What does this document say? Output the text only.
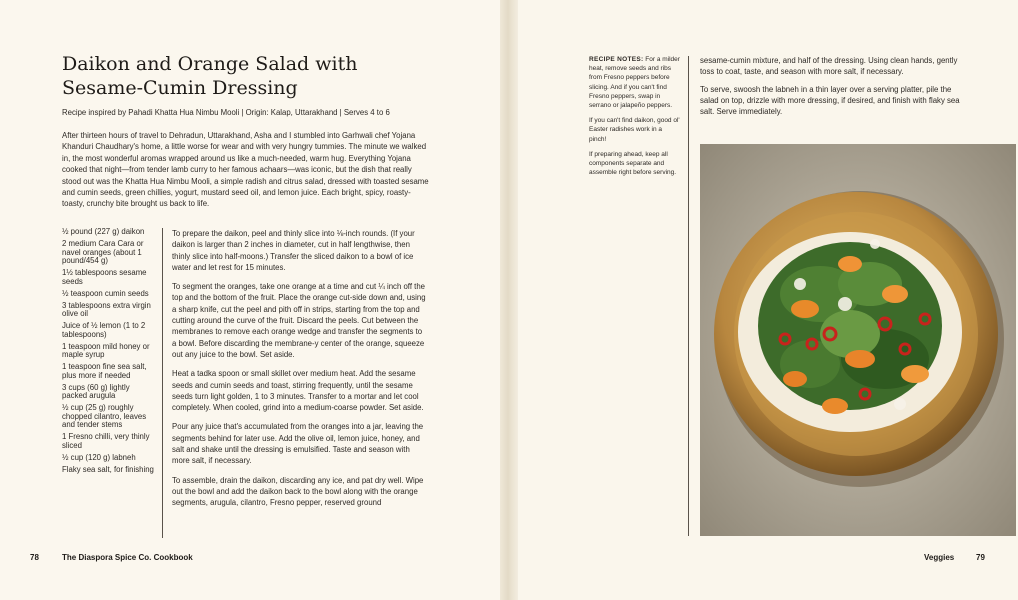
Daikon and Orange Salad with Sesame-Cumin Dressing
Recipe inspired by Pahadi Khatta Hua Nimbu Mooli | Origin: Kalap, Uttarakhand | Serves 4 to 6

After thirteen hours of travel to Dehradun, Uttarakhand, Asha and I stumbled into Garhwali chef Yojana Khanduri Chaudhary's home, a little worse for wear and with very hungry tummies. The minute we walked in, the most wonderful aromas wrapped around us like a much-needed, warm hug. Everything Yojana cooked that night—from tender lamb curry to her famous achaars—was iconic, but the dish that really stood out was the Khatta Hua Nimbu Mooli, a simple radish and citrus salad, dressed with toasted sesame and cumin seeds, green chillies, yogurt, mustard seed oil, and lemon juice. Each bright, spicy, roasty-toasty, crunchy bite brought us back to life.

½ pound (227 g) daikon
2 medium Cara Cara or navel oranges (about 1 pound/454 g)
1½ tablespoons sesame seeds
½ teaspoon cumin seeds
3 tablespoons extra virgin olive oil
Juice of ½ lemon (1 to 2 tablespoons)
1 teaspoon mild honey or maple syrup
1 teaspoon fine sea salt, plus more if needed
3 cups (60 g) lightly packed arugula
½ cup (25 g) roughly chopped cilantro, leaves and tender stems
1 Fresno chilli, very thinly sliced
½ cup (120 g) labneh
Flaky sea salt, for finishing

To prepare the daikon, peel and thinly slice into ⅛-inch rounds. (If your daikon is larger than 2 inches in diameter, cut in half lengthwise, then thinly slice into half-moons.) Transfer the sliced daikon to a bowl of ice water and let rest for 15 minutes.

To segment the oranges, take one orange at a time and cut ¼ inch off the top and the bottom of the fruit. Place the orange cut-side down and, using a sharp knife, cut the peel and pith off in strips, starting from the top and cutting around the curve of the fruit. Discard the peels. Cut between the membranes to remove each orange wedge and transfer the segments to a bowl. Before discarding the membrane-y center of the orange, squeeze out any juice to the bowl. Set aside.

Heat a tadka spoon or small skillet over medium heat. Add the sesame seeds and cumin seeds and toast, stirring frequently, until the sesame seeds turn light golden, 1 to 3 minutes. Transfer to a mortar and let cool completely. When cooled, grind into a medium-coarse powder. Set aside.

Pour any juice that's accumulated from the oranges into a jar, leaving the segments behind for later use. Add the olive oil, lemon juice, honey, and salt and shake until the dressing is emulsified. Taste and season with more salt, if necessary.

To assemble, drain the daikon, discarding any ice, and pat dry well. Wipe out the bowl and add the daikon back to the bowl along with the orange segments, arugula, cilantro, Fresno pepper, reserved ground

RECIPE NOTES: For a milder heat, remove seeds and ribs from Fresno peppers before slicing. And if you can't find Fresno peppers, swap in serrano or jalapeño peppers.

If you can't find daikon, good ol' Easter radishes work in a pinch!

If preparing ahead, keep all components separate and assemble right before serving.

sesame-cumin mixture, and half of the dressing. Using clean hands, gently toss to coat, taste, and season with more salt, if necessary.

To serve, swoosh the labneh in a thin layer over a serving platter, pile the salad on top, drizzle with more dressing, if desired, and finish with flaky sea salt. Serve immediately.

78	The Diaspora Spice Co. Cookbook	Veggies	79
